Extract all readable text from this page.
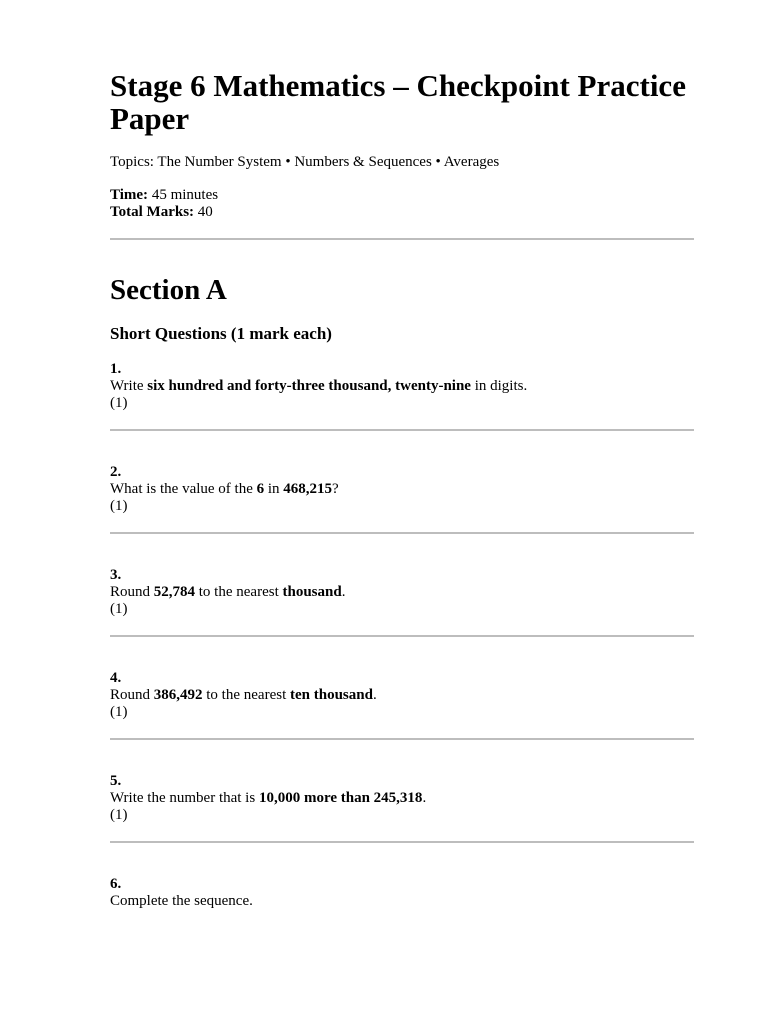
Stage 6 Mathematics – Checkpoint Practice Paper
Topics: The Number System • Numbers & Sequences • Averages
Time: 45 minutes
Total Marks: 40
Section A
Short Questions (1 mark each)
1.
Write six hundred and forty-three thousand, twenty-nine in digits.
(1)
2.
What is the value of the 6 in 468,215?
(1)
3.
Round 52,784 to the nearest thousand.
(1)
4.
Round 386,492 to the nearest ten thousand.
(1)
5.
Write the number that is 10,000 more than 245,318.
(1)
6.
Complete the sequence.
